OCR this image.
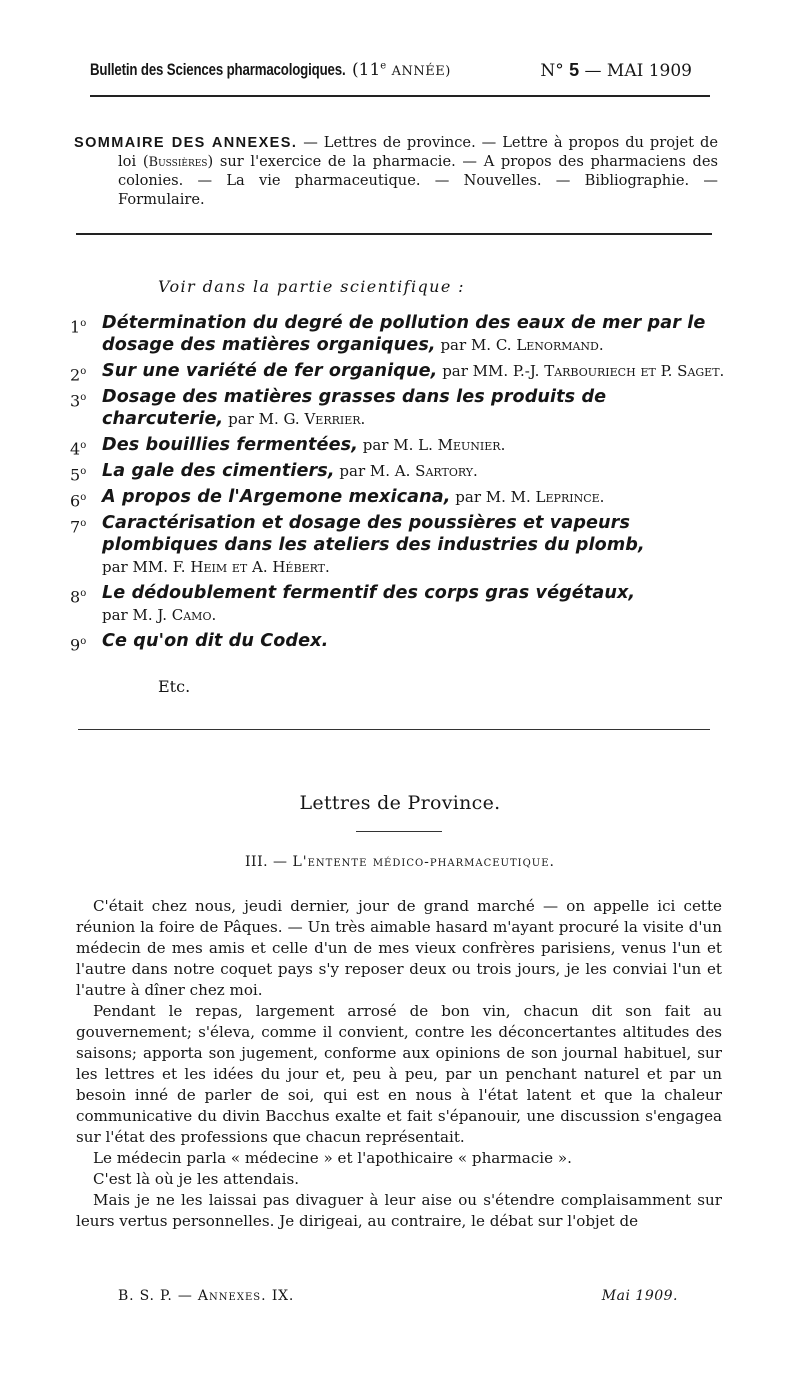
Bulletin des Sciences pharmacologiques. (11e ANNÉE)	N° 5 — MAI 1909

SOMMAIRE DES ANNEXES. — Lettres de province. — Lettre à propos du projet de loi (Bussières) sur l'exercice de la pharmacie. — A propos des pharmaciens des colonies. — La vie pharmaceutique. — Nouvelles. — Bibliographie. — Formulaire.

Voir dans la partie scientifique :
1$^o$ Détermination du degré de pollution des eaux de mer par le dosage des matières organiques, par M. C. Lenormand.
2$^o$ Sur une variété de fer organique, par MM. P.-J. Tarbouriech et P. Saget.
3$^o$ Dosage des matières grasses dans les produits de charcuterie, par M. G. Verrier.
4$^o$ Des bouillies fermentées, par M. L. Meunier.
5$^o$ La gale des cimentiers, par M. A. Sartory.
6$^o$ A propos de l'Argemone mexicana, par M. M. Leprince.
7$^o$ Caractérisation et dosage des poussières et vapeurs plombiques dans les ateliers des industries du plomb, par MM. F. Heim et A. Hébert.
8$^o$ Le dédoublement fermentif des corps gras végétaux, par M. J. Camo.
9$^o$ Ce qu'on dit du Codex.
Etc.
Lettres de Province.
III. — L'entente médico-pharmaceutique.

C'était chez nous, jeudi dernier, jour de grand marché — on appelle ici cette réunion la foire de Pâques. — Un très aimable hasard m'ayant procuré la visite d'un médecin de mes amis et celle d'un de mes vieux confrères parisiens, venus l'un et l'autre dans notre coquet pays s'y reposer deux ou trois jours, je les conviai l'un et l'autre à dîner chez moi.

Pendant le repas, largement arrosé de bon vin, chacun dit son fait au gouvernement; s'éleva, comme il convient, contre les déconcertantes altitudes des saisons; apporta son jugement, conforme aux opinions de son journal habituel, sur les lettres et les idées du jour et, peu à peu, par un penchant naturel et par un besoin inné de parler de soi, qui est en nous à l'état latent et que la chaleur communicative du divin Bacchus exalte et fait s'épanouir, une discussion s'engagea sur l'état des professions que chacun représentait.

Le médecin parla « médecine » et l'apothicaire « pharmacie ».

C'est là où je les attendais.

Mais je ne les laissai pas divaguer à leur aise ou s'étendre complaisamment sur leurs vertus personnelles. Je dirigeai, au contraire, le débat sur l'objet de

B. S. P. — Annexes. IX.	Mai 1909.
